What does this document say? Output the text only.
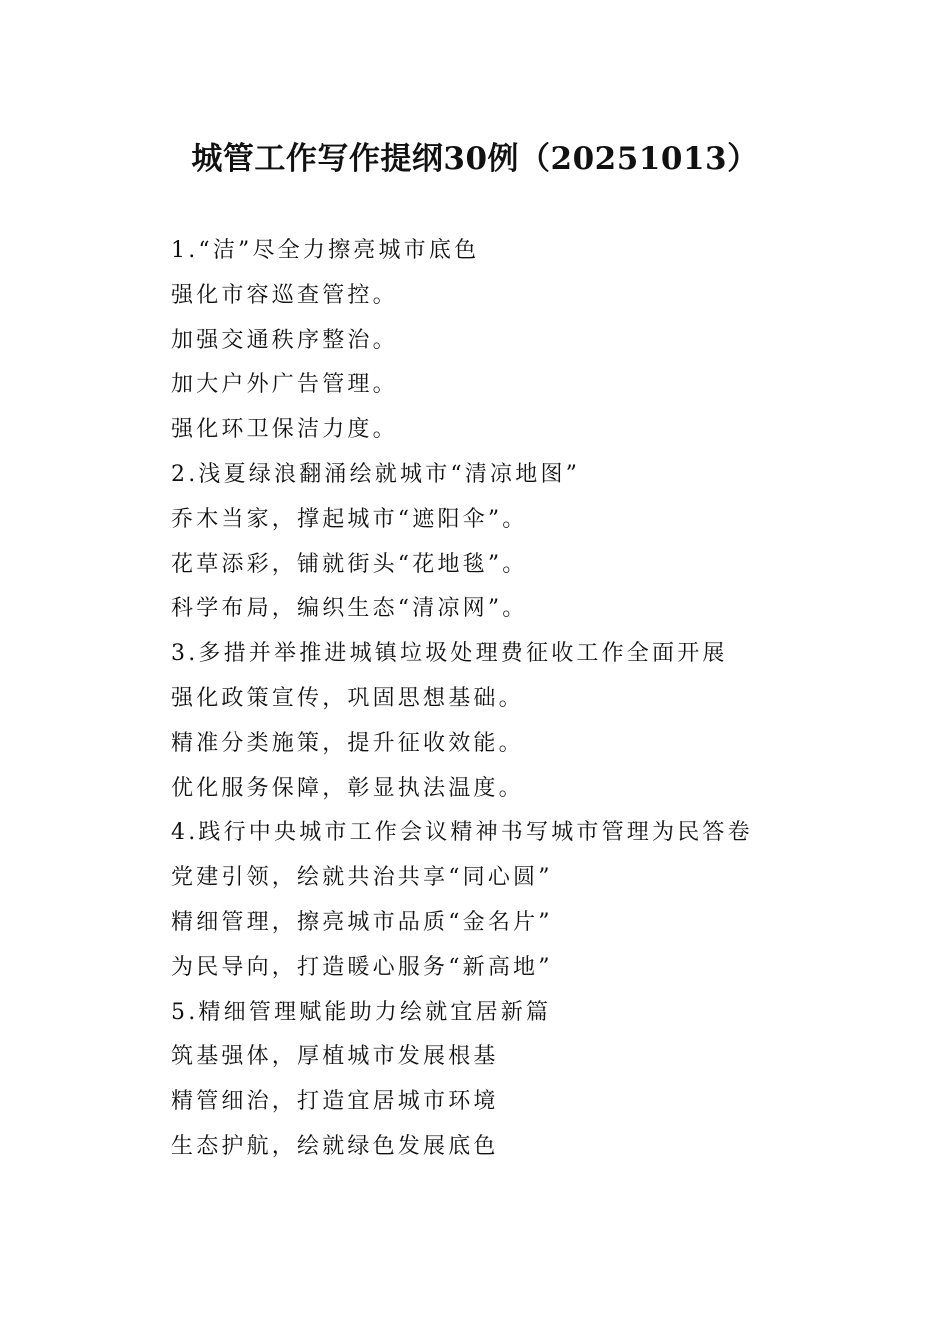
城管工作写作提纲30例（20251013）

1.“洁”尽全力擦亮城市底色

强化市容巡查管控。

加强交通秩序整治。

加大户外广告管理。

强化环卫保洁力度。

2.浅夏绿浪翻涌绘就城市“清凉地图”

乔木当家，撑起城市“遮阳伞”。

花草添彩，铺就街头“花地毯”。

科学布局，编织生态“清凉网”。

3.多措并举推进城镇垃圾处理费征收工作全面开展

强化政策宣传，巩固思想基础。

精准分类施策，提升征收效能。

优化服务保障，彰显执法温度。

4.践行中央城市工作会议精神书写城市管理为民答卷

党建引领，绘就共治共享“同心圆”

精细管理，擦亮城市品质“金名片”

为民导向，打造暖心服务“新高地”

5.精细管理赋能助力绘就宜居新篇

筑基强体，厚植城市发展根基

精管细治，打造宜居城市环境

生态护航，绘就绿色发展底色
